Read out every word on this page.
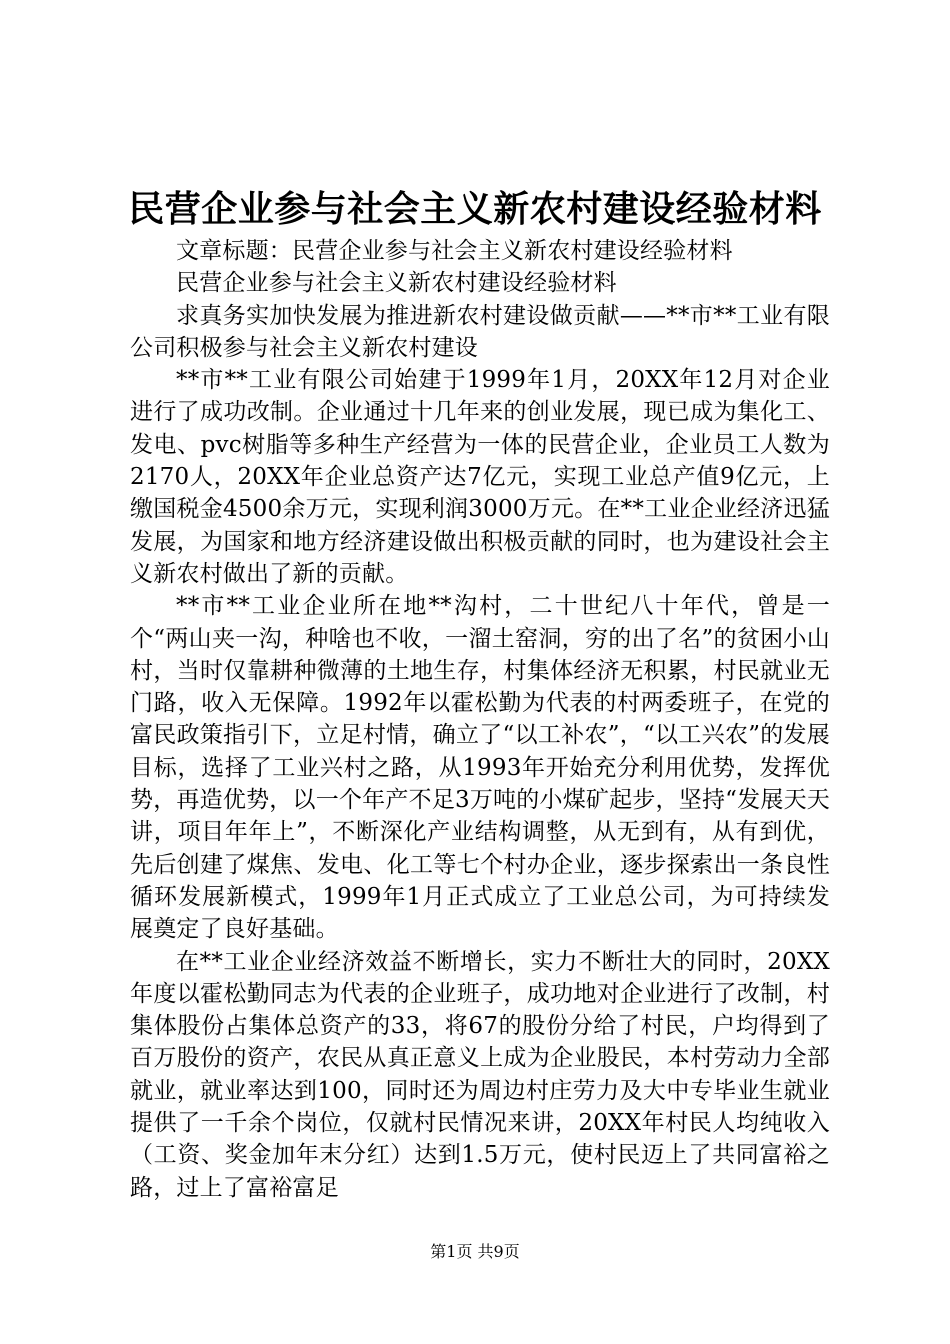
民营企业参与社会主义新农村建设经验材料

文章标题：民营企业参与社会主义新农村建设经验材料

民营企业参与社会主义新农村建设经验材料

求真务实加快发展为推进新农村建设做贡献——**市**工业有限公司积极参与社会主义新农村建设

**市**工业有限公司始建于1999年1月，20XX年12月对企业进行了成功改制。企业通过十几年来的创业发展，现已成为集化工、发电、pvc树脂等多种生产经营为一体的民营企业，企业员工人数为2170人，20XX年企业总资产达7亿元，实现工业总产值9亿元，上缴国税金4500余万元，实现利润3000万元。在**工业企业经济迅猛发展，为国家和地方经济建设做出积极贡献的同时，也为建设社会主义新农村做出了新的贡献。

**市**工业企业所在地**沟村，二十世纪八十年代，曾是一个“两山夹一沟，种啥也不收，一溜土窑洞，穷的出了名”的贫困小山村，当时仅靠耕种微薄的土地生存，村集体经济无积累，村民就业无门路，收入无保障。1992年以霍松勤为代表的村两委班子，在党的富民政策指引下，立足村情，确立了“以工补农”，“以工兴农”的发展目标，选择了工业兴村之路，从1993年开始充分利用优势，发挥优势，再造优势，以一个年产不足3万吨的小煤矿起步，坚持“发展天天讲，项目年年上”，不断深化产业结构调整，从无到有，从有到优，先后创建了煤焦、发电、化工等七个村办企业，逐步探索出一条良性循环发展新模式，1999年1月正式成立了工业总公司，为可持续发展奠定了良好基础。

在**工业企业经济效益不断增长，实力不断壮大的同时，20XX年度以霍松勤同志为代表的企业班子，成功地对企业进行了改制，村集体股份占集体总资产的33，将67的股份分给了村民，户均得到了百万股份的资产，农民从真正意义上成为企业股民，本村劳动力全部就业，就业率达到100，同时还为周边村庄劳力及大中专毕业生就业提供了一千余个岗位，仅就村民情况来讲，20XX年村民人均纯收入（工资、奖金加年末分红）达到1.5万元，使村民迈上了共同富裕之路，过上了富裕富足

第1页 共9页
